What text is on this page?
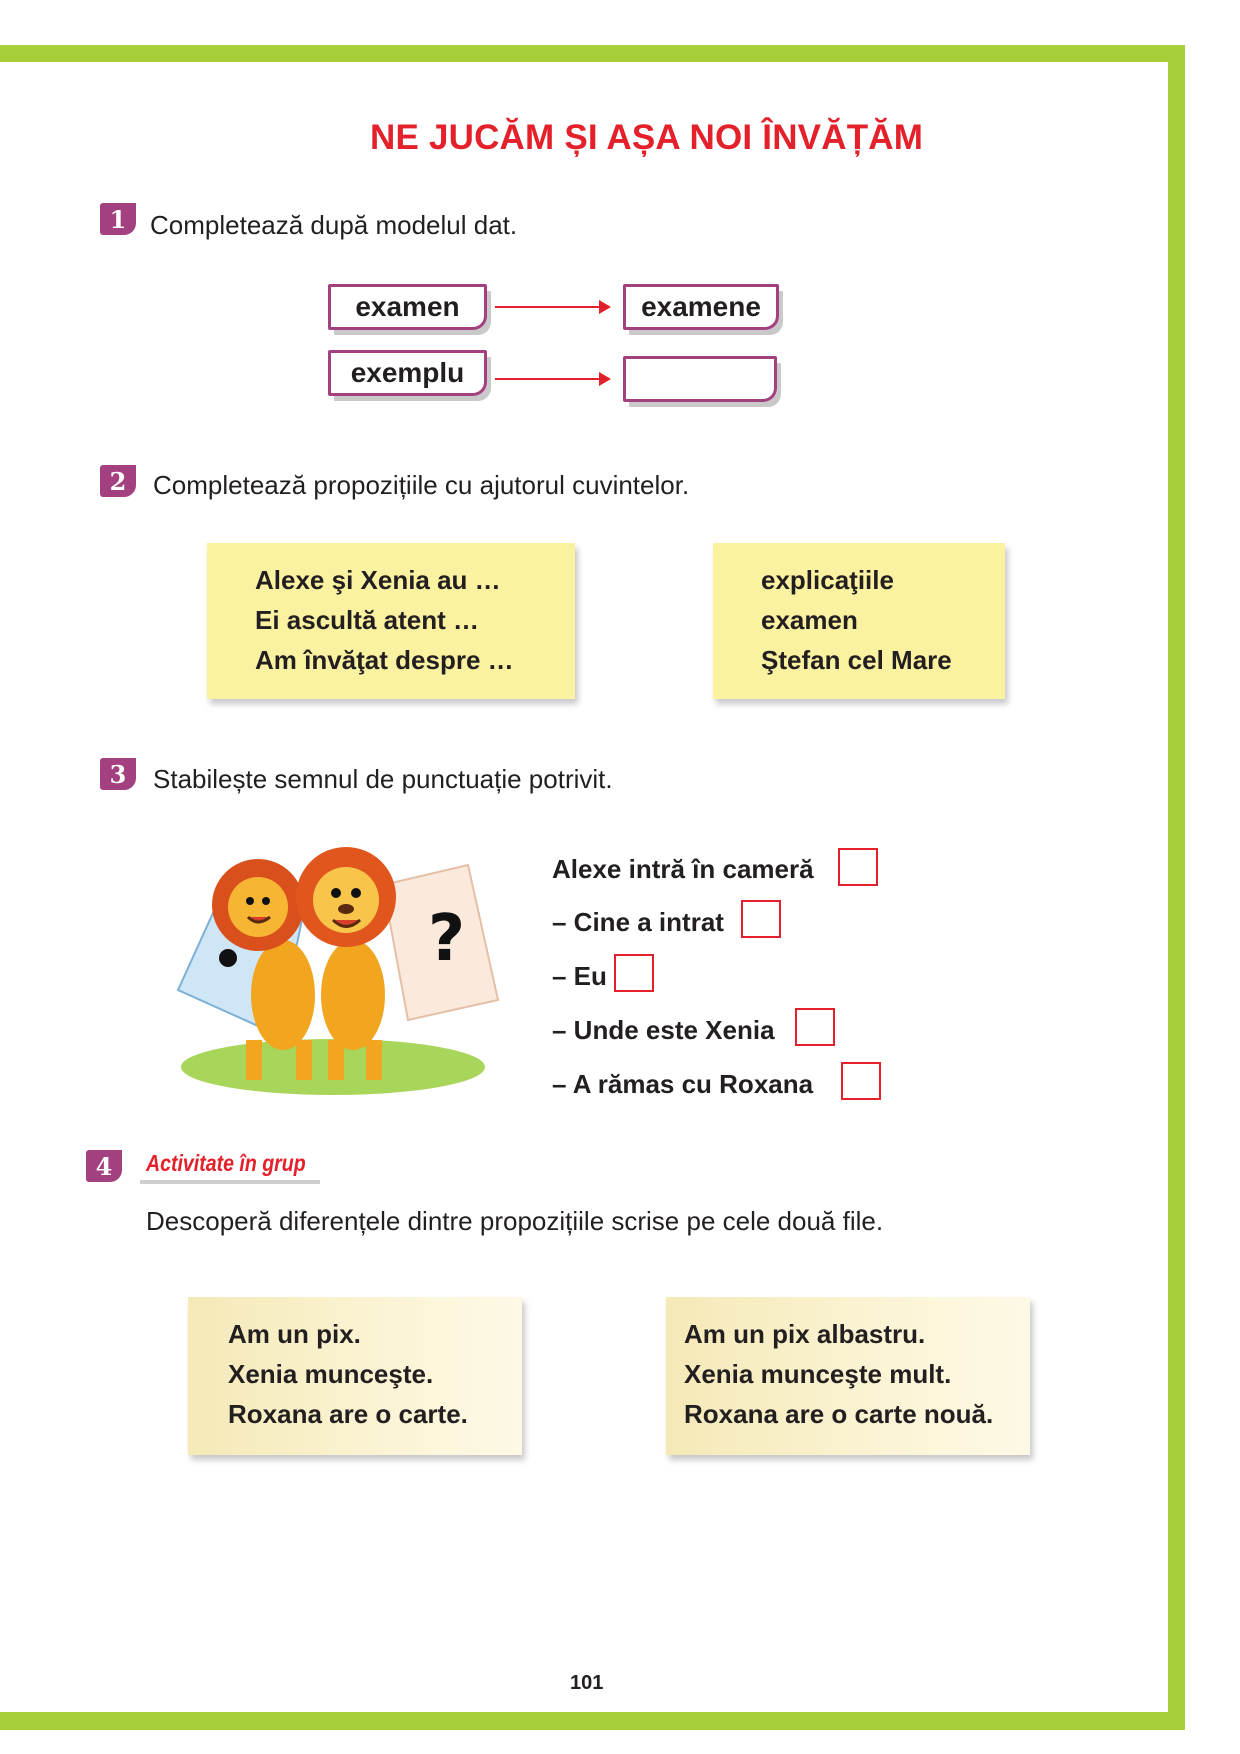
NE JUCĂM ȘI AȘA NOI ÎNVĂȚĂM
1 Completează după modelul dat.
examen	examene
exemplu
2	Completează propozițiile cu ajutorul cuvintelor.
Alexe şi Xenia au …
Ei ascultă atent …
Am învăţat despre …
explicaţiile
examen
Ştefan cel Mare
3	Stabilește semnul de punctuație potrivit.
?
Alexe intră în cameră
– Cine a intrat
– Eu
– Unde este Xenia
– A rămas cu Roxana
4	Activitate în grup
Descoperă diferențele dintre propozițiile scrise pe cele două file.
Am un pix.
Xenia munceşte.
Roxana are o carte.
Am un pix albastru.
Xenia munceşte mult.
Roxana are o carte nouă.
101
